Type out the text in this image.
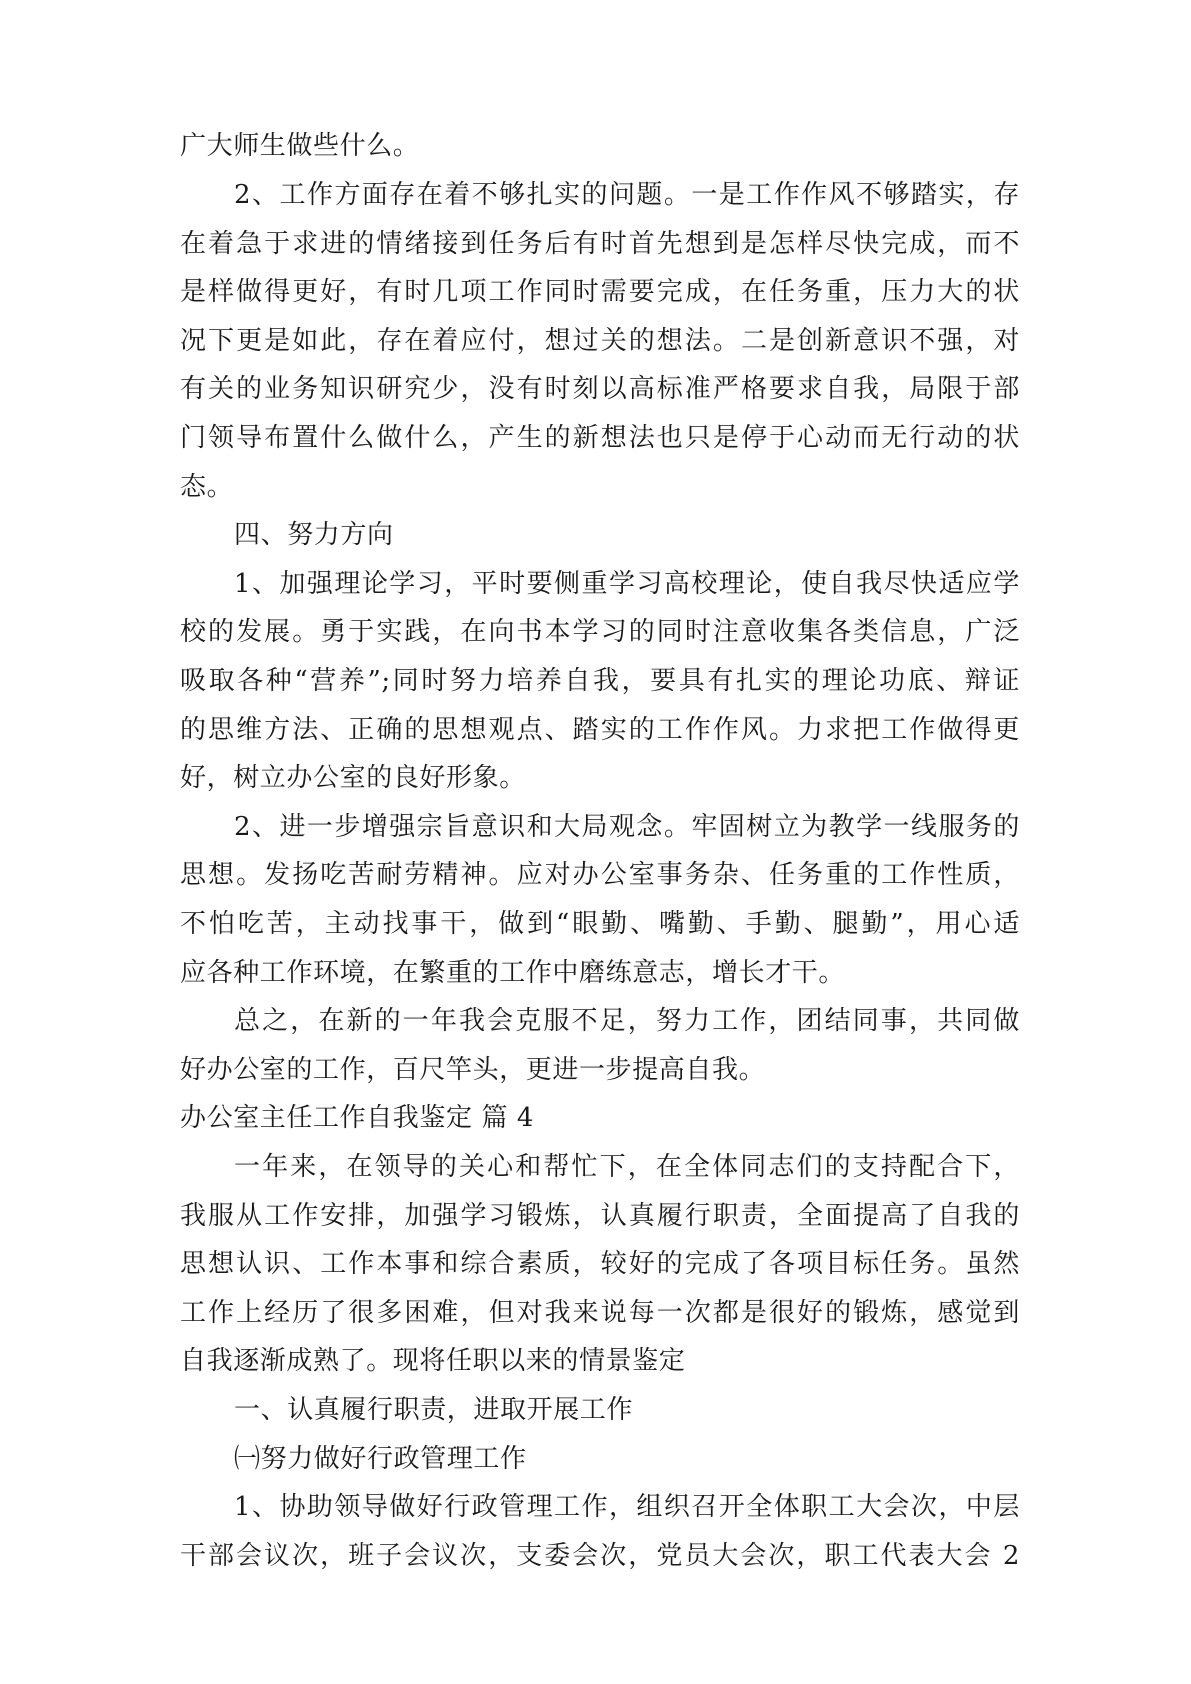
广大师生做些什么。
2、工作方面存在着不够扎实的问题。一是工作作风不够踏实，存
在着急于求进的情绪接到任务后有时首先想到是怎样尽快完成，而不
是样做得更好，有时几项工作同时需要完成，在任务重，压力大的状
况下更是如此，存在着应付，想过关的想法。二是创新意识不强，对
有关的业务知识研究少，没有时刻以高标准严格要求自我，局限于部
门领导布置什么做什么，产生的新想法也只是停于心动而无行动的状
态。
四、努力方向
1、加强理论学习，平时要侧重学习高校理论，使自我尽快适应学
校的发展。勇于实践，在向书本学习的同时注意收集各类信息，广泛
吸取各种“营养”;同时努力培养自我，要具有扎实的理论功底、辩证
的思维方法、正确的思想观点、踏实的工作作风。力求把工作做得更
好，树立办公室的良好形象。
2、进一步增强宗旨意识和大局观念。牢固树立为教学一线服务的
思想。发扬吃苦耐劳精神。应对办公室事务杂、任务重的工作性质，
不怕吃苦，主动找事干，做到“眼勤、嘴勤、手勤、腿勤”，用心适
应各种工作环境，在繁重的工作中磨练意志，增长才干。
总之，在新的一年我会克服不足，努力工作，团结同事，共同做
好办公室的工作，百尺竿头，更进一步提高自我。
办公室主任工作自我鉴定 篇 4
一年来，在领导的关心和帮忙下，在全体同志们的支持配合下，
我服从工作安排，加强学习锻炼，认真履行职责，全面提高了自我的
思想认识、工作本事和综合素质，较好的完成了各项目标任务。虽然
工作上经历了很多困难，但对我来说每一次都是很好的锻炼，感觉到
自我逐渐成熟了。现将任职以来的情景鉴定
一、认真履行职责，进取开展工作
㈠努力做好行政管理工作
1、协助领导做好行政管理工作，组织召开全体职工大会次，中层
干部会议次，班子会议次，支委会次，党员大会次，职工代表大会 2
